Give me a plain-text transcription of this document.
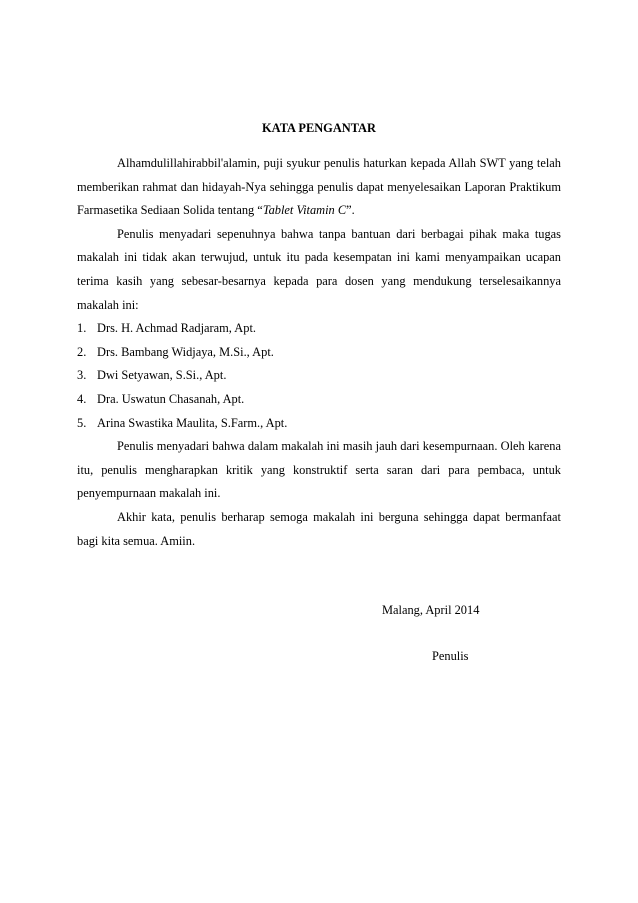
KATA PENGANTAR

Alhamdulillahirabbil'alamin, puji syukur penulis haturkan kepada Allah SWT yang telah memberikan rahmat dan hidayah-Nya sehingga penulis dapat menyelesaikan Laporan Praktikum Farmasetika Sediaan Solida tentang “Tablet Vitamin C”.

Penulis menyadari sepenuhnya bahwa tanpa bantuan dari berbagai pihak maka tugas makalah ini tidak akan terwujud, untuk itu pada kesempatan ini kami menyampaikan ucapan terima kasih yang sebesar-besarnya kepada para dosen yang mendukung terselesaikannya

makalah ini:

1. Drs. H. Achmad Radjaram, Apt.
2. Drs. Bambang Widjaya, M.Si., Apt.
3. Dwi Setyawan, S.Si., Apt.
4. Dra. Uswatun Chasanah, Apt.
5. Arina Swastika Maulita, S.Farm., Apt.

Penulis menyadari bahwa dalam makalah ini masih jauh dari kesempurnaan. Oleh karena itu, penulis mengharapkan kritik yang konstruktif serta saran dari para pembaca, untuk penyempurnaan makalah ini.

Akhir kata, penulis berharap semoga makalah ini berguna sehingga dapat bermanfaat bagi kita semua. Amiin.

Malang, April 2014
Penulis
